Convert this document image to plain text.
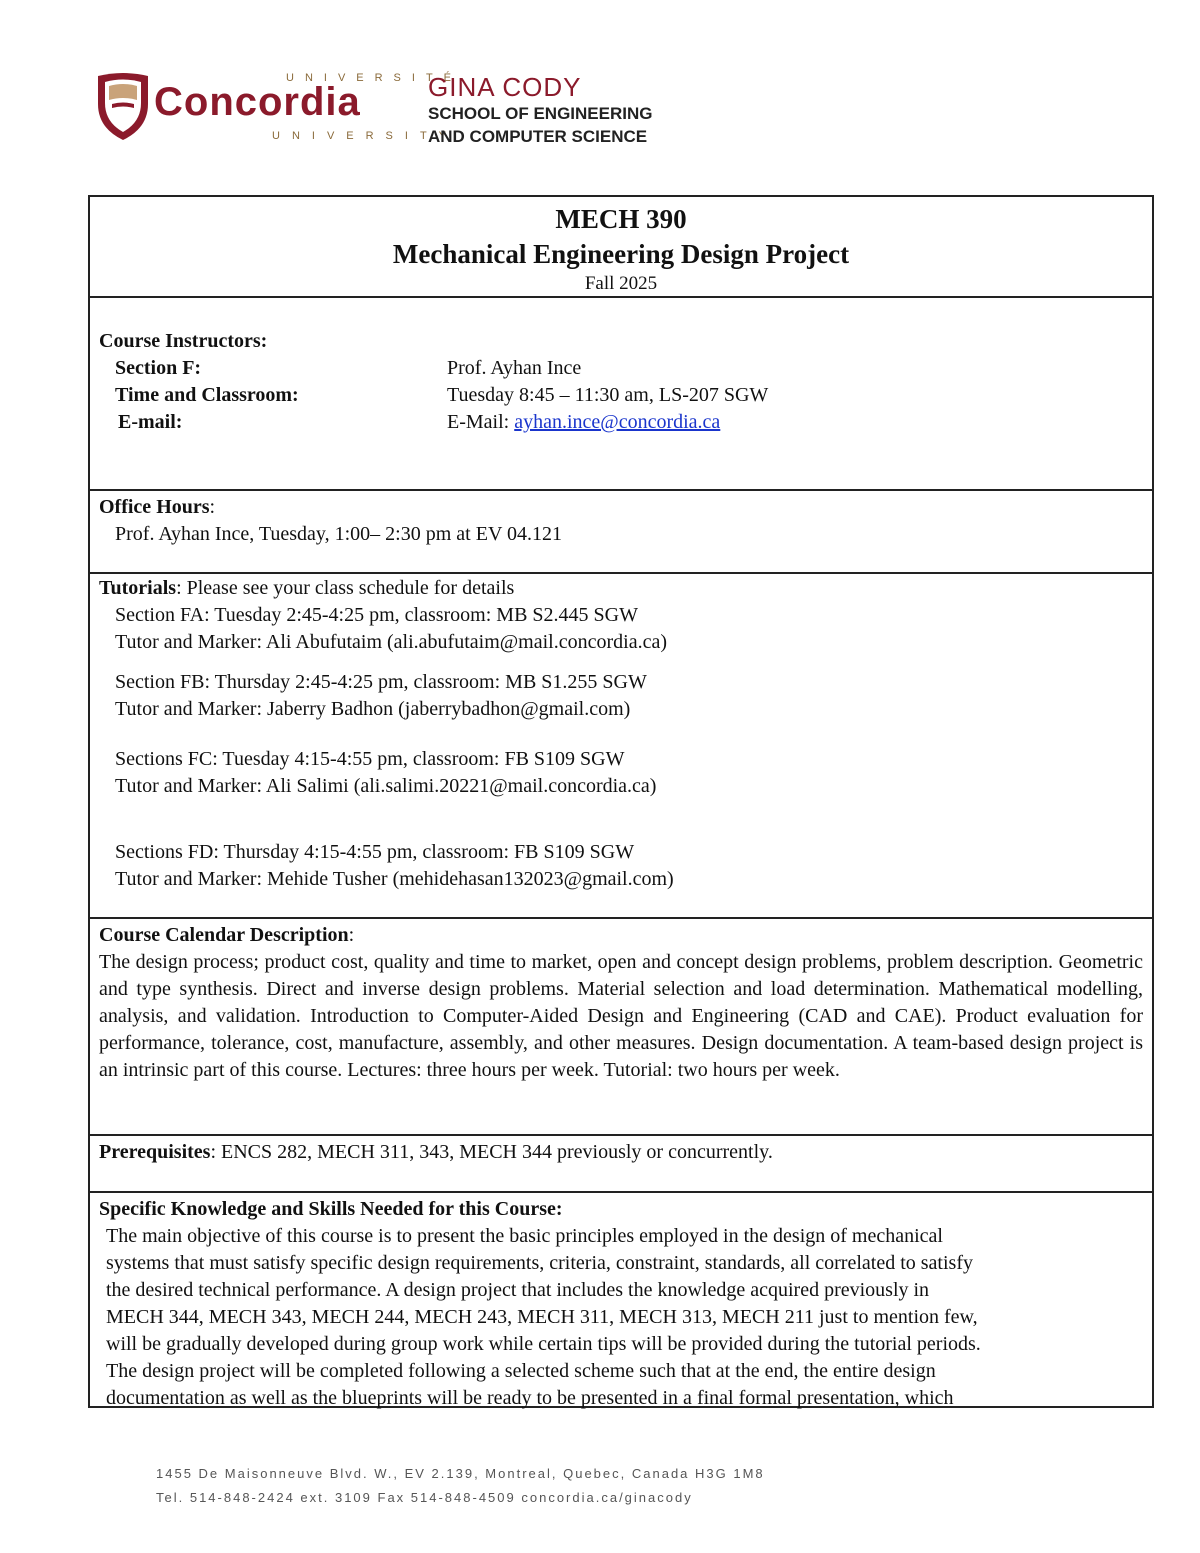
UNIVERSITÉ
Concordia
UNIVERSITY
GINA CODY
SCHOOL OF ENGINEERING
AND COMPUTER SCIENCE
MECH 390
Mechanical Engineering Design Project
Fall 2025
Course Instructors:
Section F:	Prof. Ayhan Ince
Time and Classroom:	Tuesday 8:45 – 11:30 am, LS-207 SGW
E-mail:	E-Mail: ayhan.ince@concordia.ca
Office Hours:
Prof. Ayhan Ince, Tuesday, 1:00– 2:30 pm at EV 04.121
Tutorials: Please see your class schedule for details
Section FA: Tuesday 2:45-4:25 pm, classroom: MB S2.445 SGW
Tutor and Marker: Ali Abufutaim (ali.abufutaim@mail.concordia.ca)
Section FB: Thursday 2:45-4:25 pm, classroom: MB S1.255 SGW
Tutor and Marker: Jaberry Badhon (jaberrybadhon@gmail.com)
Sections FC: Tuesday 4:15-4:55 pm, classroom: FB S109 SGW
Tutor and Marker: Ali Salimi (ali.salimi.20221@mail.concordia.ca)
Sections FD: Thursday 4:15-4:55 pm, classroom: FB S109 SGW
Tutor and Marker: Mehide Tusher (mehidehasan132023@gmail.com)
Course Calendar Description:
The design process; product cost, quality and time to market, open and concept design problems, problem description. Geometric and type synthesis. Direct and inverse design problems. Material selection and load determination. Mathematical modelling, analysis, and validation. Introduction to Computer-Aided Design and Engineering (CAD and CAE). Product evaluation for performance, tolerance, cost, manufacture, assembly, and other measures. Design documentation. A team-based design project is an intrinsic part of this course. Lectures: three hours per week. Tutorial: two hours per week.
Prerequisites: ENCS 282, MECH 311, 343, MECH 344 previously or concurrently.
Specific Knowledge and Skills Needed for this Course:
The main objective of this course is to present the basic principles employed in the design of mechanical
systems that must satisfy specific design requirements, criteria, constraint, standards, all correlated to satisfy
the desired technical performance. A design project that includes the knowledge acquired previously in
MECH 344, MECH 343, MECH 244, MECH 243, MECH 311, MECH 313, MECH 211 just to mention few,
will be gradually developed during group work while certain tips will be provided during the tutorial periods.
The design project will be completed following a selected scheme such that at the end, the entire design
documentation as well as the blueprints will be ready to be presented in a final formal presentation, which
1455 De Maisonneuve Blvd. W., EV 2.139, Montreal, Quebec, Canada H3G 1M8
Tel. 514-848-2424 ext. 3109 Fax 514-848-4509 concordia.ca/ginacody
